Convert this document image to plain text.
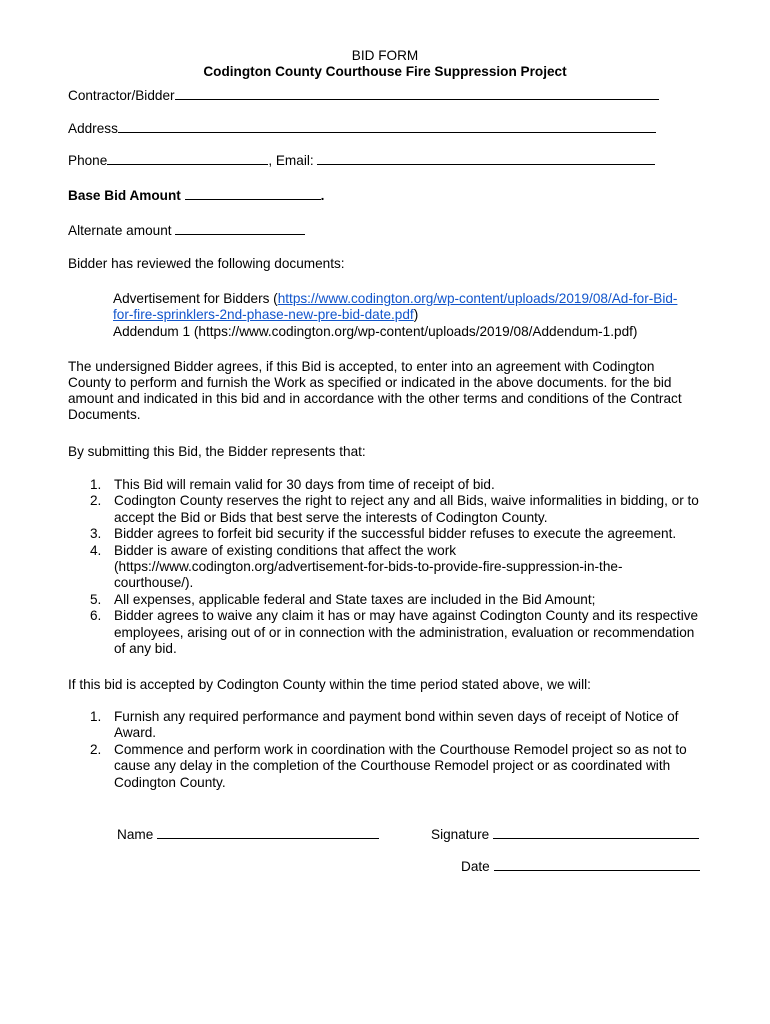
BID FORM
Codington County Courthouse Fire Suppression Project
Contractor/Bidder
Address
Phone	, Email:
Base Bid Amount	.
Alternate amount
Bidder has reviewed the following documents:
Advertisement for Bidders (https://www.codington.org/wp-content/uploads/2019/08/Ad-for-Bid-
for-fire-sprinklers-2nd-phase-new-pre-bid-date.pdf)
Addendum 1 (https://www.codington.org/wp-content/uploads/2019/08/Addendum-1.pdf)
The undersigned Bidder agrees, if this Bid is accepted, to enter into an agreement with Codington County to perform and furnish the Work as specified or indicated in the above documents. for the bid amount and indicated in this bid and in accordance with the other terms and conditions of the Contract Documents.
By submitting this Bid, the Bidder represents that:
1. This Bid will remain valid for 30 days from time of receipt of bid.
2. Codington County reserves the right to reject any and all Bids, waive informalities in bidding, or to accept the Bid or Bids that best serve the interests of Codington County.
3. Bidder agrees to forfeit bid security if the successful bidder refuses to execute the agreement.
4. Bidder is aware of existing conditions that affect the work (https://www.codington.org/advertisement-for-bids-to-provide-fire-suppression-in-the-courthouse/).
5. All expenses, applicable federal and State taxes are included in the Bid Amount;
6. Bidder agrees to waive any claim it has or may have against Codington County and its respective employees, arising out of or in connection with the administration, evaluation or recommendation of any bid.
If this bid is accepted by Codington County within the time period stated above, we will:
1. Furnish any required performance and payment bond within seven days of receipt of Notice of Award.
2. Commence and perform work in coordination with the Courthouse Remodel project so as not to cause any delay in the completion of the Courthouse Remodel project or as coordinated with Codington County.
Name	Signature
Date
